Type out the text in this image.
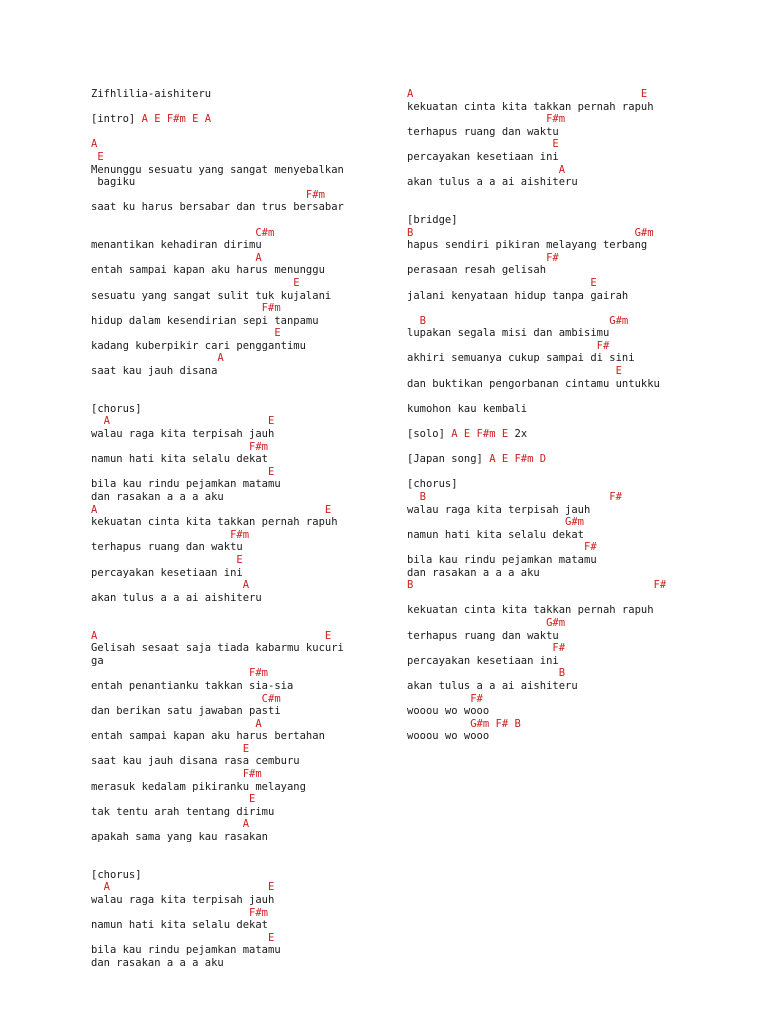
Zifhlilia-aishiteru
[intro] A E F#m E A
A
E
Menunggu sesuatu yang sangat menyebalkan
bagiku
F#m
saat ku harus bersabar dan trus bersabar
C#m
menantikan kehadiran dirimu
A
entah sampai kapan aku harus menunggu
E
sesuatu yang sangat sulit tuk kujalani
F#m
hidup dalam kesendirian sepi tanpamu
E
kadang kuberpikir cari penggantimu
A
saat kau jauh disana
[chorus]
A                         E
walau raga kita terpisah jauh
F#m
namun hati kita selalu dekat
E
bila kau rindu pejamkan matamu
dan rasakan a a a aku
A                                    E
kekuatan cinta kita takkan pernah rapuh
F#m
terhapus ruang dan waktu
E
percayakan kesetiaan ini
A
akan tulus a a ai aishiteru
A                                    E
Gelisah sesaat saja tiada kabarmu kucuri
ga
F#m
entah penantianku takkan sia-sia
C#m
dan berikan satu jawaban pasti
A
entah sampai kapan aku harus bertahan
E
saat kau jauh disana rasa cemburu
F#m
merasuk kedalam pikiranku melayang
E
tak tentu arah tentang dirimu
A
apakah sama yang kau rasakan
[chorus]
A                         E
walau raga kita terpisah jauh
F#m
namun hati kita selalu dekat
E
bila kau rindu pejamkan matamu
dan rasakan a a a aku
A                                    E
kekuatan cinta kita takkan pernah rapuh
F#m
terhapus ruang dan waktu
E
percayakan kesetiaan ini
A
akan tulus a a ai aishiteru
[bridge]
B                                   G#m
hapus sendiri pikiran melayang terbang
F#
perasaan resah gelisah
E
jalani kenyataan hidup tanpa gairah
B                             G#m
lupakan segala misi dan ambisimu
F#
akhiri semuanya cukup sampai di sini
E
dan buktikan pengorbanan cintamu untukku
kumohon kau kembali
[solo] A E F#m E 2x
[Japan song] A E F#m D
[chorus]
B                             F#
walau raga kita terpisah jauh
G#m
namun hati kita selalu dekat
F#
bila kau rindu pejamkan matamu
dan rasakan a a a aku
B                                      F#
kekuatan cinta kita takkan pernah rapuh
G#m
terhapus ruang dan waktu
F#
percayakan kesetiaan ini
B
akan tulus a a ai aishiteru
F#
wooou wo wooo
G#m F# B
wooou wo wooo
